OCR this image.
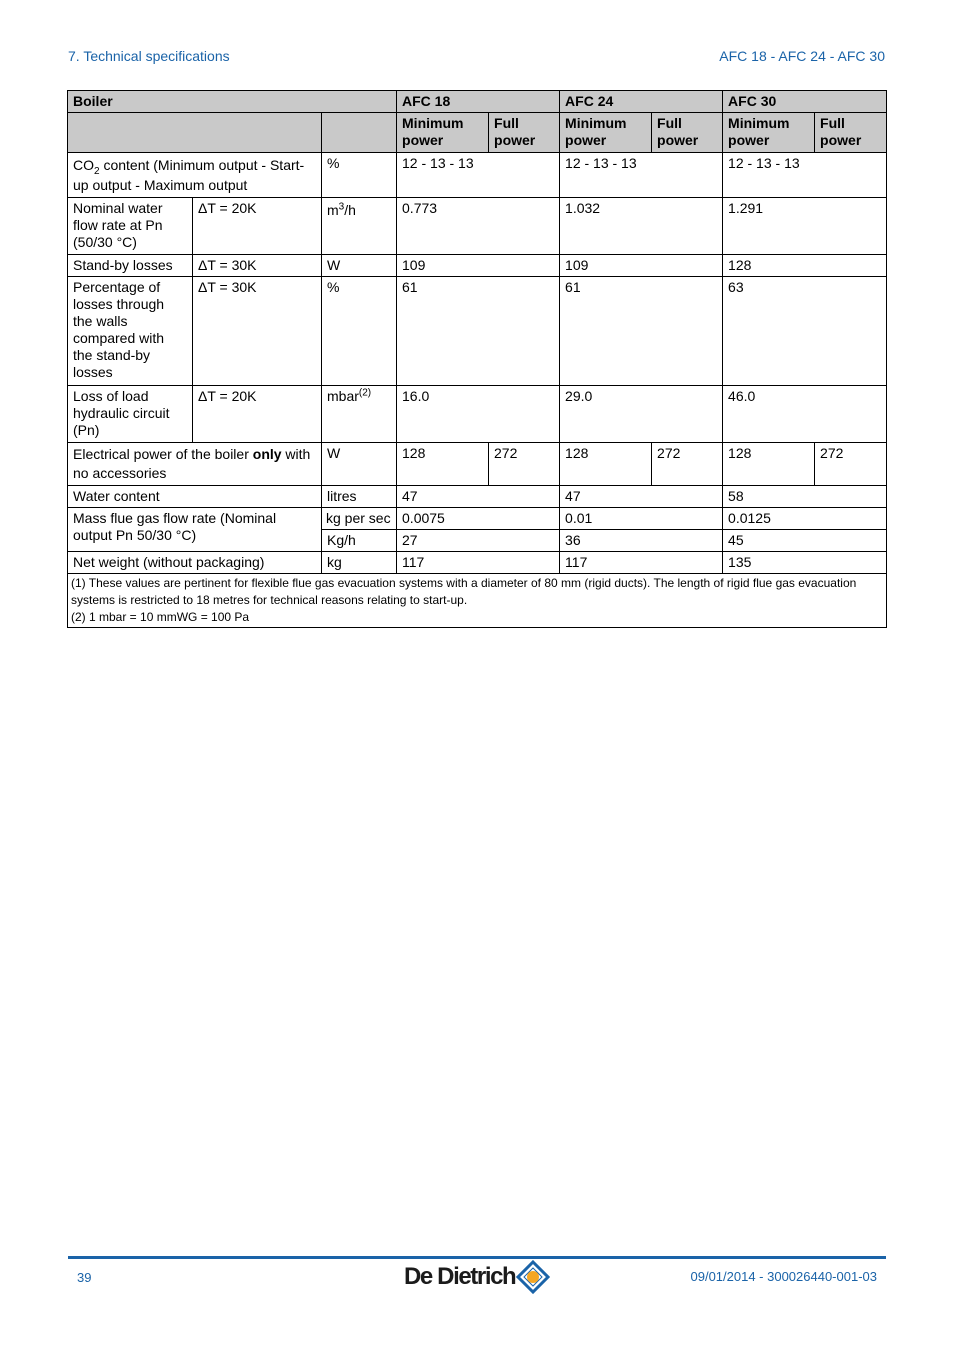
7. Technical specifications	AFC 18 - AFC 24 - AFC 30
Boiler			AFC 18		AFC 24		AFC 30	
			Minimum power	Full power	Minimum power	Full power	Minimum power	Full power
$CO_2$ content (Minimum output - Start-up output - Maximum output		%	12 - 13 - 13		12 - 13 - 13		12 - 13 - 13	
Nominal water flow rate at Pn (50/30 °C)	ΔT = 20K	$m^3/h$	0.773		1.032		1.291	
Stand-by losses	ΔT = 30K	W	109		109		128	
Percentage of losses through the walls compared with the stand-by losses	ΔT = 30K	%	61		61		63	
Loss of load hydraulic circuit (Pn)	ΔT = 20K	mbar$^{(2)}$	16.0		29.0		46.0	
Electrical power of the boiler only with no accessories		W	128	272	128	272	128	272
Water content		litres	47		47		58	
Mass flue gas flow rate (Nominal output Pn 50/30 °C)		kg per sec	0.0075		0.01		0.0125	
		Kg/h	27		36		45	
Net weight (without packaging)		kg	117		117		135	

(1) These values are pertinent for flexible flue gas evacuation systems with a diameter of 80 mm (rigid ducts). The length of rigid flue gas evacuation systems is restricted to 18 metres for technical reasons relating to start-up.
(2) 1 mbar = 10 mmWG = 100 Pa								
39	De Dietrich	09/01/2014 - 300026440-001-03
